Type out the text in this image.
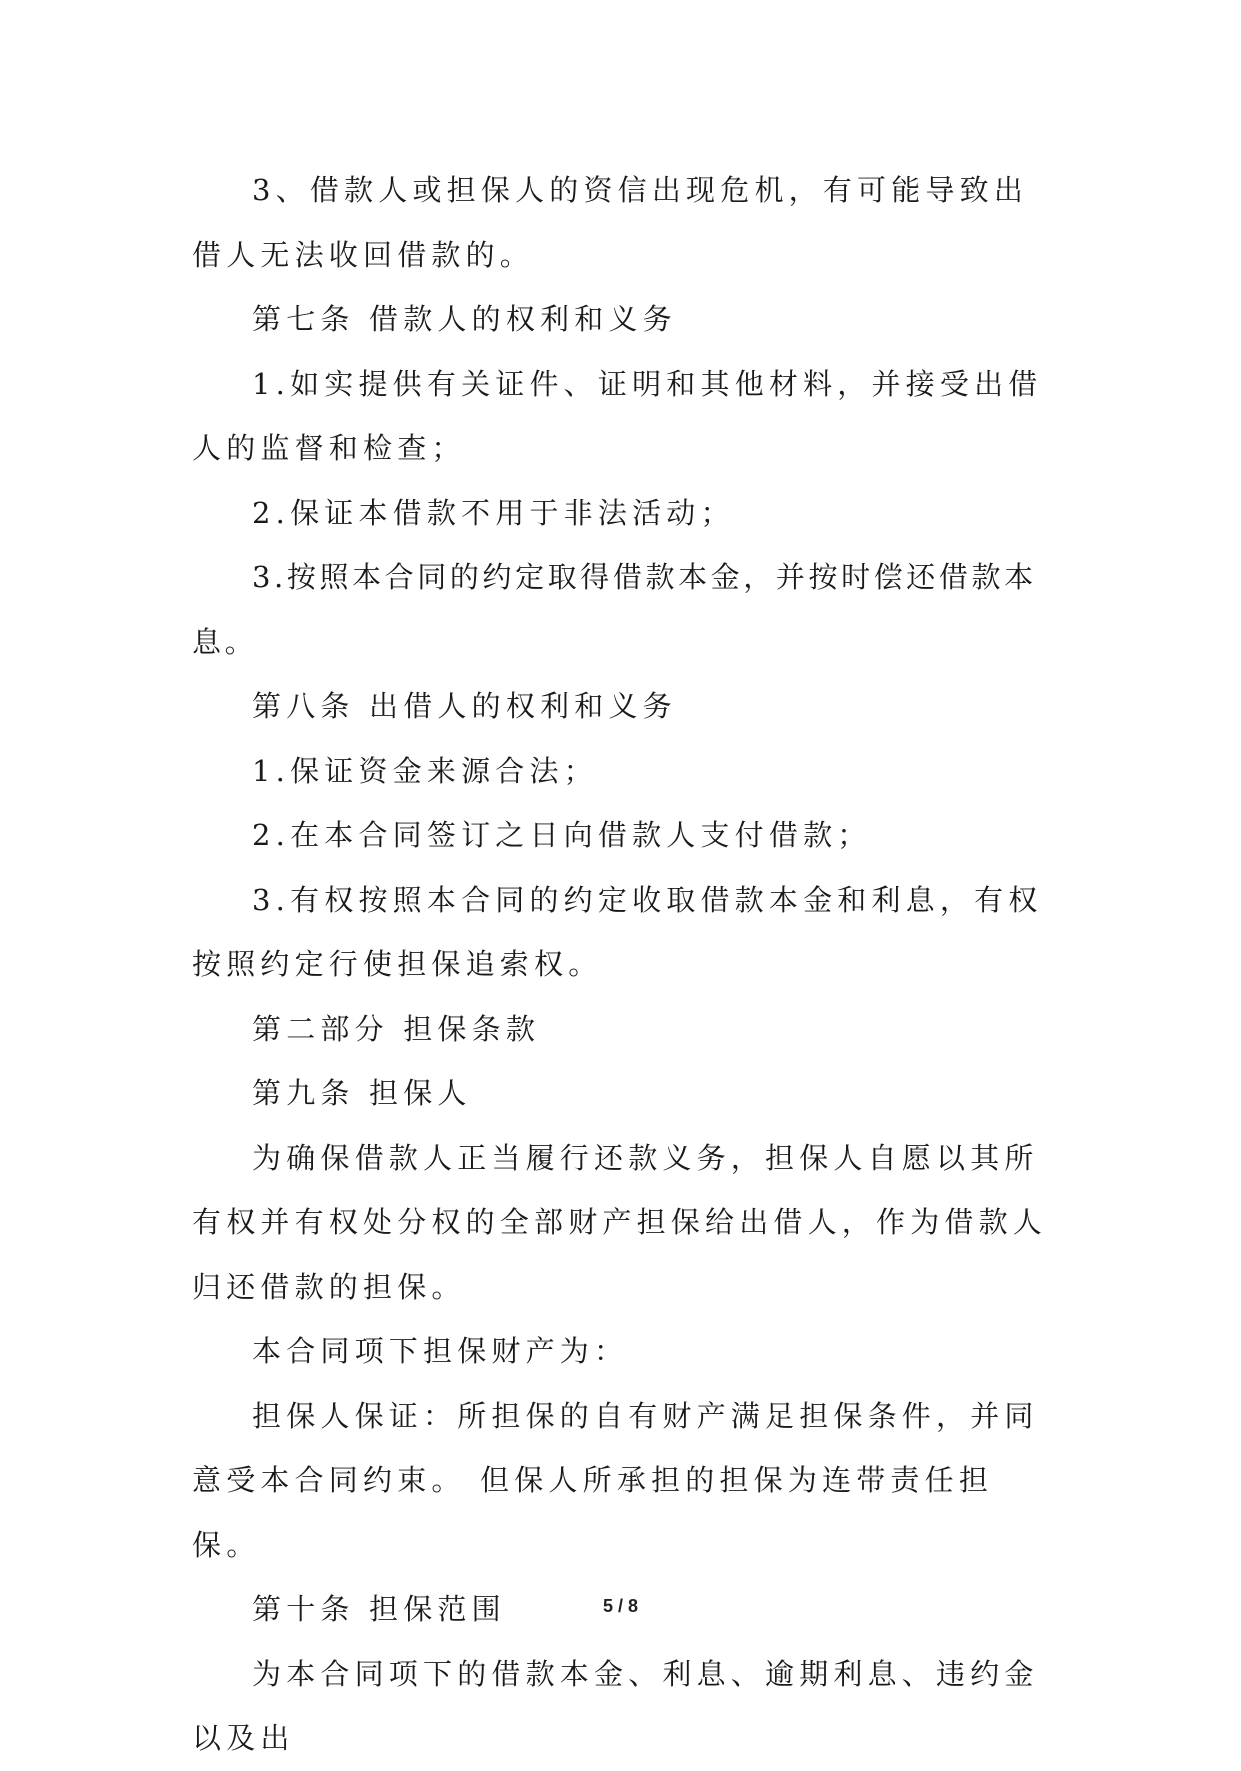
3、借款人或担保人的资信出现危机，有可能导致出借人无法收回借款的。

第七条 借款人的权利和义务

1.如实提供有关证件、证明和其他材料，并接受出借人的监督和检查；

2.保证本借款不用于非法活动；

3.按照本合同的约定取得借款本金，并按时偿还借款本息。

第八条 出借人的权利和义务

1.保证资金来源合法；

2.在本合同签订之日向借款人支付借款；

3.有权按照本合同的约定收取借款本金和利息，有权按照约定行使担保追索权。

第二部分 担保条款

第九条 担保人

为确保借款人正当履行还款义务，担保人自愿以其所有权并有权处分权的全部财产担保给出借人，作为借款人归还借款的担保。

本合同项下担保财产为：

担保人保证：所担保的自有财产满足担保条件，并同意受本合同约束。 但保人所承担的担保为连带责任担保。

第十条 担保范围

为本合同项下的借款本金、利息、逾期利息、违约金以及出

5 / 8
